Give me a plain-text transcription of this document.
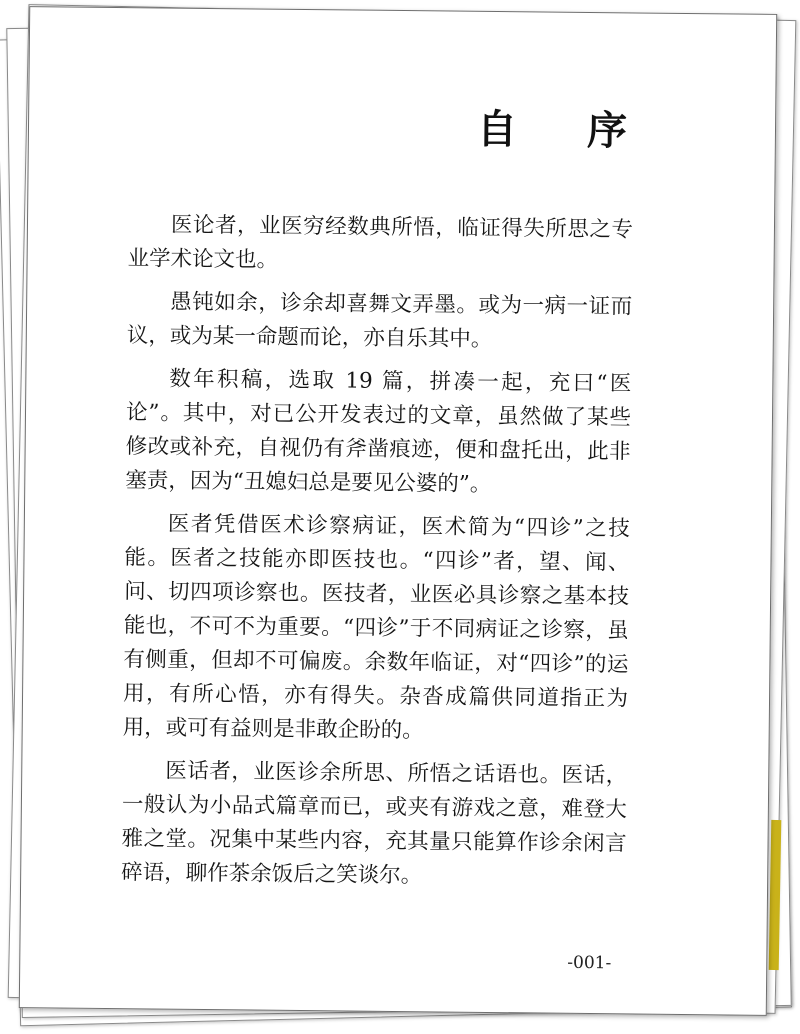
自 序

医论者，业医穷经数典所悟，临证得失所思之专业学术论文也。

愚钝如余，诊余却喜舞文弄墨。或为一病一证而议，或为某一命题而论，亦自乐其中。

数年积稿，选取 19 篇，拼凑一起，充曰“医论”。其中，对已公开发表过的文章，虽然做了某些修改或补充，自视仍有斧凿痕迹，便和盘托出，此非塞责，因为“丑媳妇总是要见公婆的”。

医者凭借医术诊察病证，医术简为“四诊”之技能。医者之技能亦即医技也。“四诊”者，望、闻、问、切四项诊察也。医技者，业医必具诊察之基本技能也，不可不为重要。“四诊”于不同病证之诊察，虽有侧重，但却不可偏废。余数年临证，对“四诊”的运用，有所心悟，亦有得失。杂沓成篇供同道指正为用，或可有益则是非敢企盼的。

医话者，业医诊余所思、所悟之话语也。医话，一般认为小品式篇章而已，或夹有游戏之意，难登大雅之堂。况集中某些内容，充其量只能算作诊余闲言碎语，聊作茶余饭后之笑谈尔。

-001-
